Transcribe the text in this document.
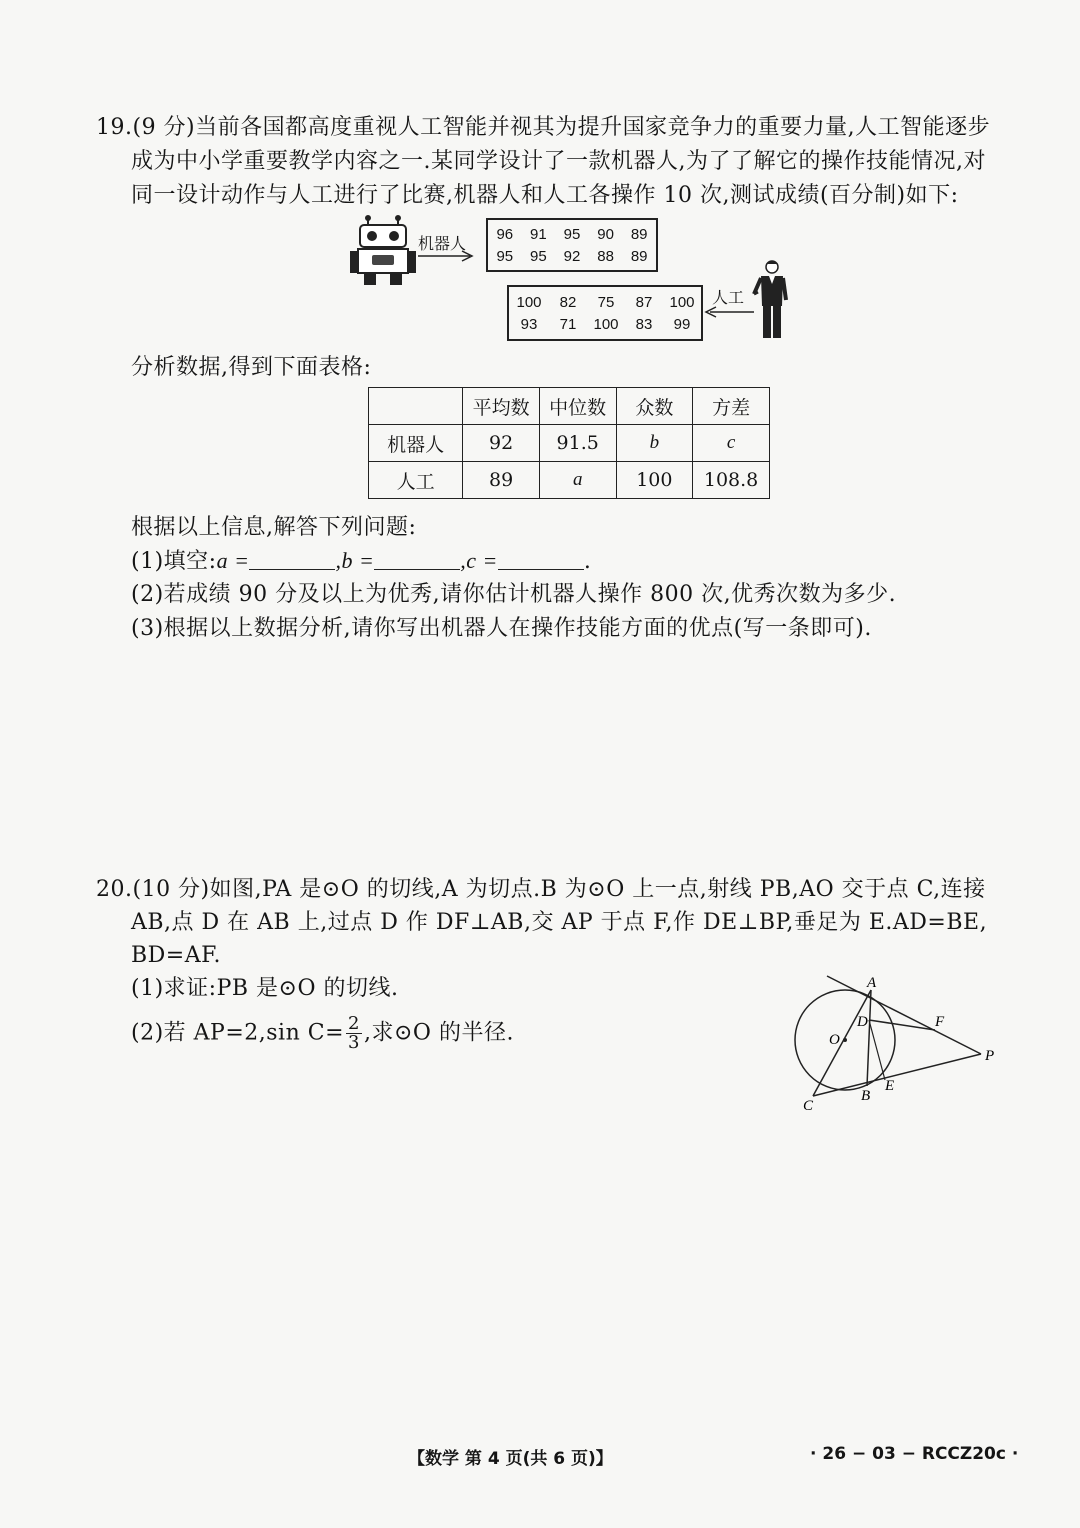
19.(9 分)当前各国都高度重视人工智能并视其为提升国家竞争力的重要力量,人工智能逐步
成为中小学重要教学内容之一.某同学设计了一款机器人,为了了解它的操作技能情况,对
同一设计动作与人工进行了比赛,机器人和人工各操作 10 次,测试成绩(百分制)如下:
机器人	96	91	95	90	89
95	95	92	88	89
100	82	75	87	100
93	71	100	83	99
人工
分析数据,得到下面表格:
	平均数	中位数	众数	方差
机器人	92	91.5	b	c
人工	89	a	100	108.8
根据以上信息,解答下列问题:
(1)填空:a =	,b =	,c =	.
(2)若成绩 90 分及以上为优秀,请你估计机器人操作 800 次,优秀次数为多少.
(3)根据以上数据分析,请你写出机器人在操作技能方面的优点(写一条即可).
20.(10 分)如图,PA 是⊙O 的切线,A 为切点.B 为⊙O 上一点,射线 PB,AO 交于点 C,连接
AB,点 D 在 AB 上,过点 D 作 DF⊥AB,交 AP 于点 F,作 DE⊥BP,垂足为 E.AD=BE,
BD=AF.
(1)求证:PB 是⊙O 的切线.
(2)若 AP=2,sin $C= \frac{2}{3}$ ,求⊙O 的半径.
A
D	F
O
P
B
E
C
【数学 第 4 页(共 6 页)】	· 26 − 03 − RCCZ20c ·
